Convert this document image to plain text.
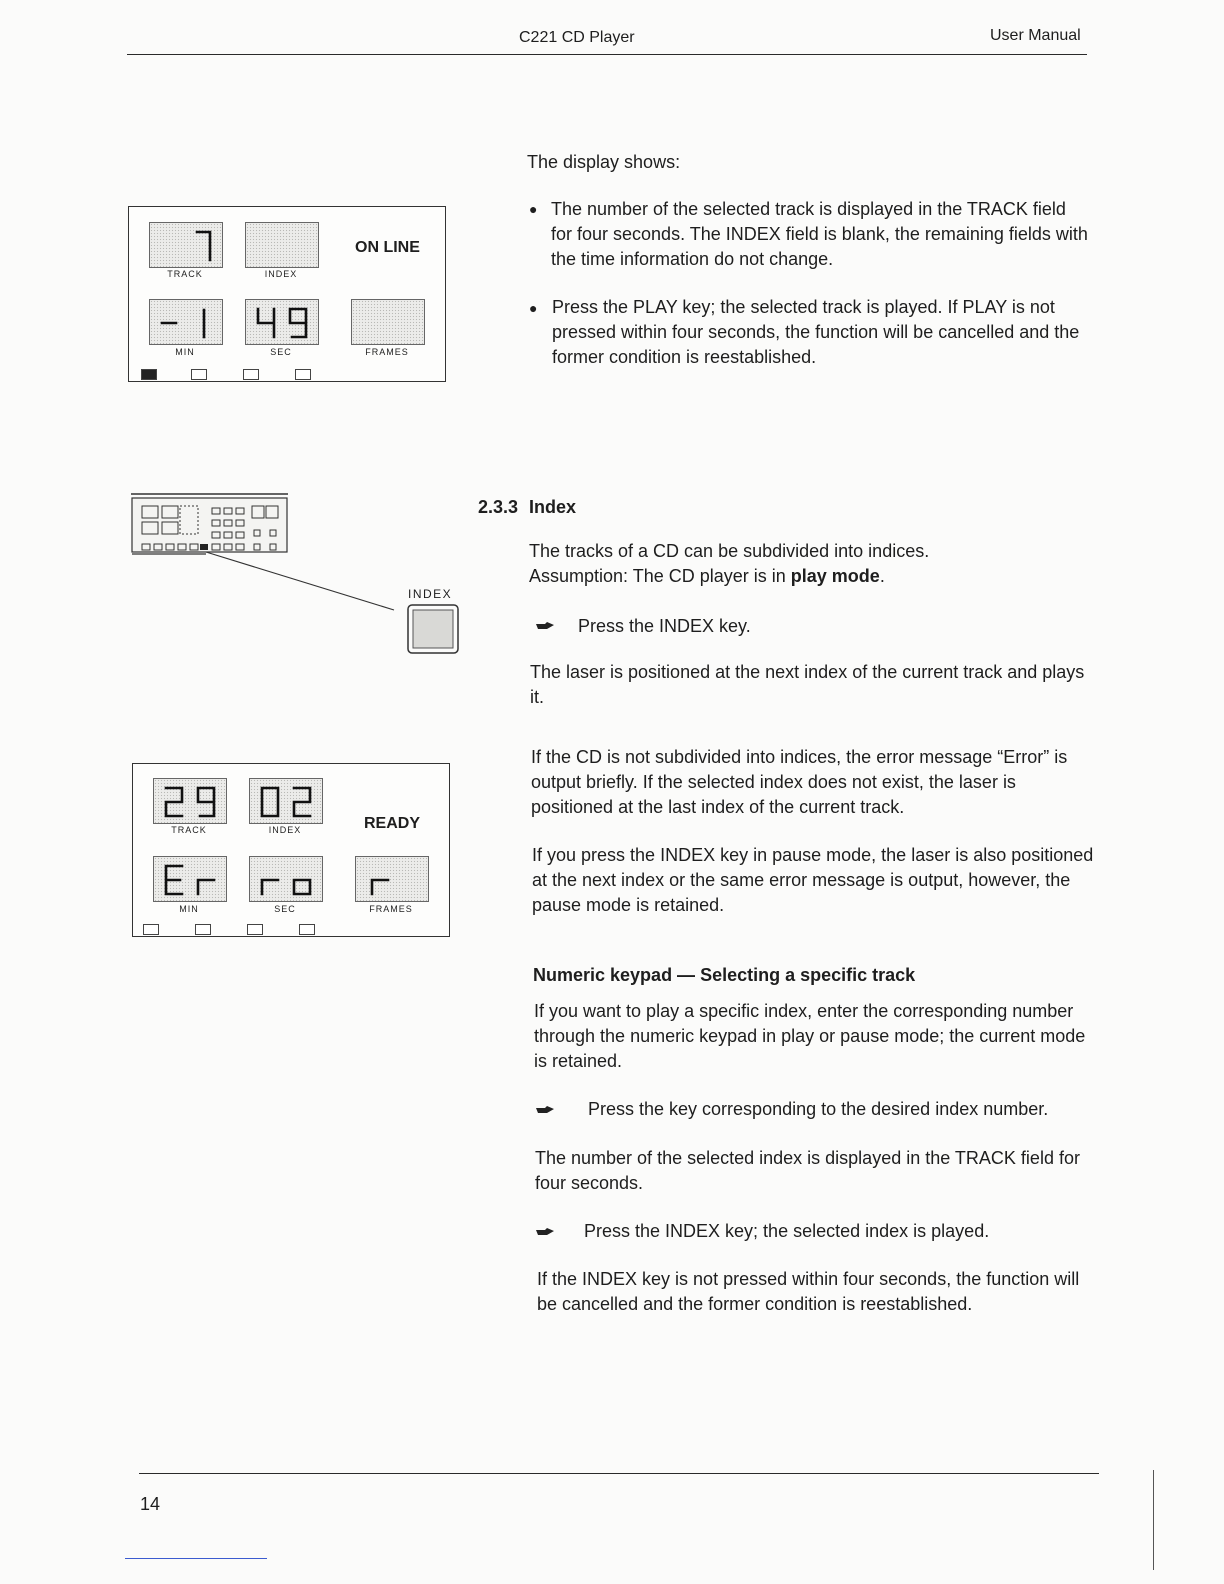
C221 CD Player	User Manual
TRACK	INDEX
ON LINE
MIN	SEC	FRAMES
INDEX
TRACK	INDEX	READY
MIN	SEC	FRAMES
The display shows:
● The number of the selected track is displayed in the TRACK field for four seconds. The INDEX field is blank, the remaining fields with the time information do not change.
● Press the PLAY key; the selected track is played. If PLAY is not pressed within four seconds, the function will be cancelled and the former condition is reestablished.
2.3.3 Index
The tracks of a CD can be subdivided into indices.
Assumption: The CD player is in play mode.
Press the INDEX key.
The laser is positioned at the next index of the current track and plays it.
If the CD is not subdivided into indices, the error message “Error” is output briefly. If the selected index does not exist, the laser is positioned at the last index of the current track.
If you press the INDEX key in pause mode, the laser is also positioned at the next index or the same error message is output, however, the pause mode is retained.
Numeric keypad — Selecting a specific track
If you want to play a specific index, enter the corresponding number through the numeric keypad in play or pause mode; the current mode is retained.
Press the key corresponding to the desired index number.
The number of the selected index is displayed in the TRACK field for four seconds.
Press the INDEX key; the selected index is played.
If the INDEX key is not pressed within four seconds, the function will be cancelled and the former condition is reestablished.
14
